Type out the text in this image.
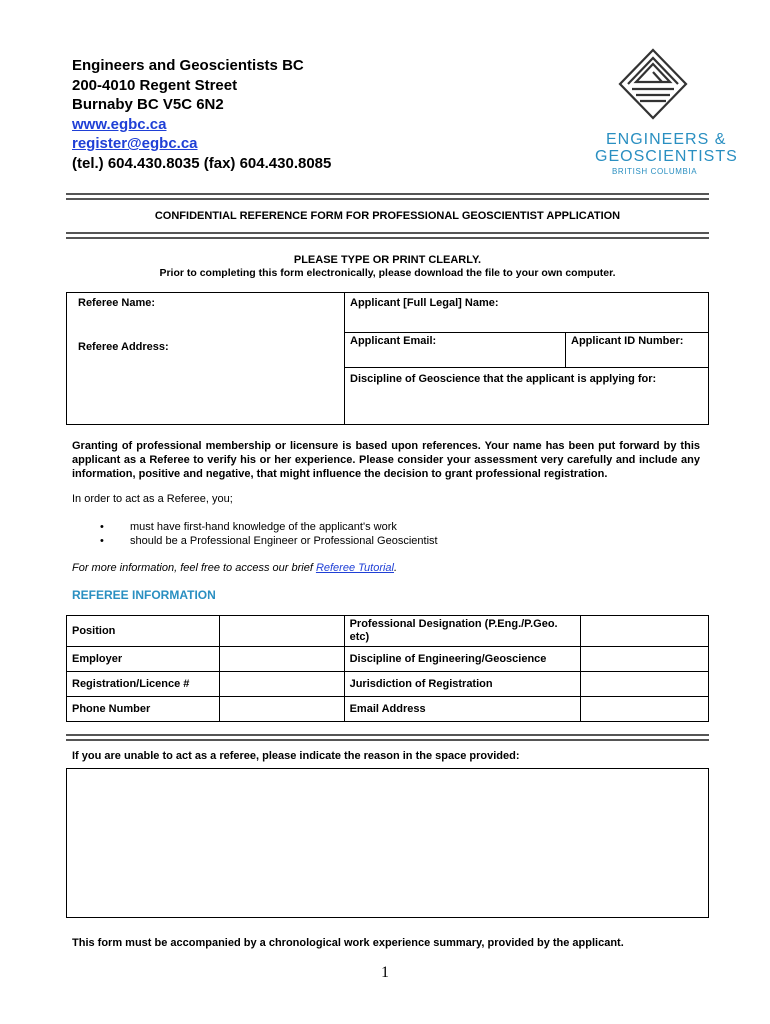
Engineers and Geoscientists BC
200-4010 Regent Street
Burnaby BC V5C 6N2
www.egbc.ca
register@egbc.ca
(tel.) 604.430.8035 (fax) 604.430.8085
ENGINEERS &
GEOSCIENTISTS
BRITISH COLUMBIA
CONFIDENTIAL REFERENCE FORM FOR PROFESSIONAL GEOSCIENTIST APPLICATION
PLEASE TYPE OR PRINT CLEARLY.
Prior to completing this form electronically, please download the file to your own computer.
Referee Name:
Referee Address:
Applicant [Full Legal] Name:
Applicant Email:	Applicant ID Number:
Discipline of Geoscience that the applicant is applying for:
Granting of professional membership or licensure is based upon references. Your name has been put forward by this applicant as a Referee to verify his or her experience. Please consider your assessment very carefully and include any information, positive and negative, that might influence the decision to grant professional registration.
In order to act as a Referee, you;
• must have first-hand knowledge of the applicant's work
• should be a Professional Engineer or Professional Geoscientist
For more information, feel free to access our brief Referee Tutorial.
REFEREE INFORMATION
Position		Professional Designation (P.Eng./P.Geo. etc)	
Employer		Discipline of Engineering/Geoscience	
Registration/Licence #		Jurisdiction of Registration	
Phone Number		Email Address	
If you are unable to act as a referee, please indicate the reason in the space provided:
This form must be accompanied by a chronological work experience summary, provided by the applicant.
1
